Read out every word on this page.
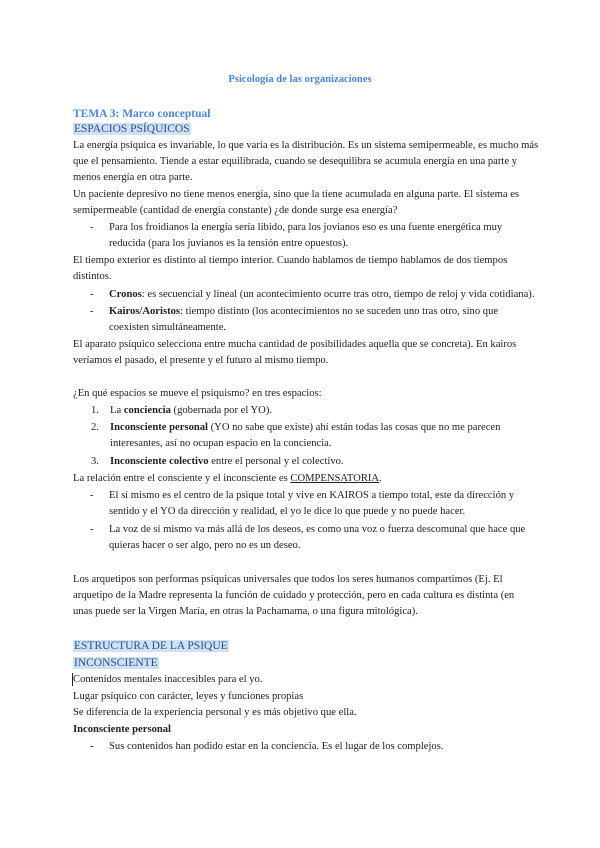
Psicología de las organizaciones
TEMA 3: Marco conceptual
ESPACIOS PSÍQUICOS
La energía psíquica es invariable, lo que varía es la distribución. Es un sistema semipermeable, es mucho más
que el pensamiento. Tiende a estar equilibrada, cuando se desequilibra se acumula energía en una parte y
menos energía en otra parte.
Un paciente depresivo no tiene menos energía, sino que la tiene acumulada en alguna parte. El sistema es
semipermeable (cantidad de energía constante) ¿de donde surge esa energía?
- Para los froidianos la energía sería libido, para los jovianos eso es una fuente energética muy
reducida (para los juvianos es la tensión entre opuestos).
El tiempo exterior es distinto al tiempo interior. Cuando hablamos de tiempo hablamos de dos tiempos
distintos.
- Cronos: es secuencial y lineal (un acontecimiento ocurre tras otro, tiempo de reloj y vida cotidiana).
- Kairos/Aoristos: tiempo distinto (los acontecimientos no se suceden uno tras otro, sino que
coexisten simultáneamente.
El aparato psíquico selecciona entre mucha cantidad de posibilidades aquella que se concreta). En kairos
veríamos el pasado, el presente y el futuro al mismo tiempo.
¿En qué espacios se mueve el psiquismo? en tres espacios:
1. La conciencia (gobernada por el YO).
2. Inconsciente personal (YO no sabe que existe) ahí están todas las cosas que no me parecen
interesantes, así no ocupan espacio en la conciencia.
3. Inconsciente colectivo entre el personal y el colectivo.
La relación entre el consciente y el inconsciente es COMPENSATORIA.
- El sí mismo es el centro de la psique total y vive en KAIROS a tiempo total, este da dirección y
sentido y el YO da dirección y realidad, el yo le dice lo que puede y no puede hacer.
- La voz de sí mismo va más allá de los deseos, es como una voz o fuerza descomunal que hace que
quieras hacer o ser algo, pero no es un deseo.
Los arquetipos son performas psíquicas universales que todos los seres humanos compartimos (Ej. El
arquetipo de la Madre representa la función de cuidado y protección, pero en cada cultura es distinta (en
unas puede ser la Virgen María, en otras la Pachamama, o una figura mitológica).
ESTRUCTURA DE LA PSIQUE
INCONSCIENTE
Contenidos mentales inaccesibles para el yo.
Lugar psíquico con carácter, leyes y funciones propias
Se diferencia de la experiencia personal y es más objetivo que ella.
Inconsciente personal
- Sus contenidos han podido estar en la conciencia. Es el lugar de los complejos.
